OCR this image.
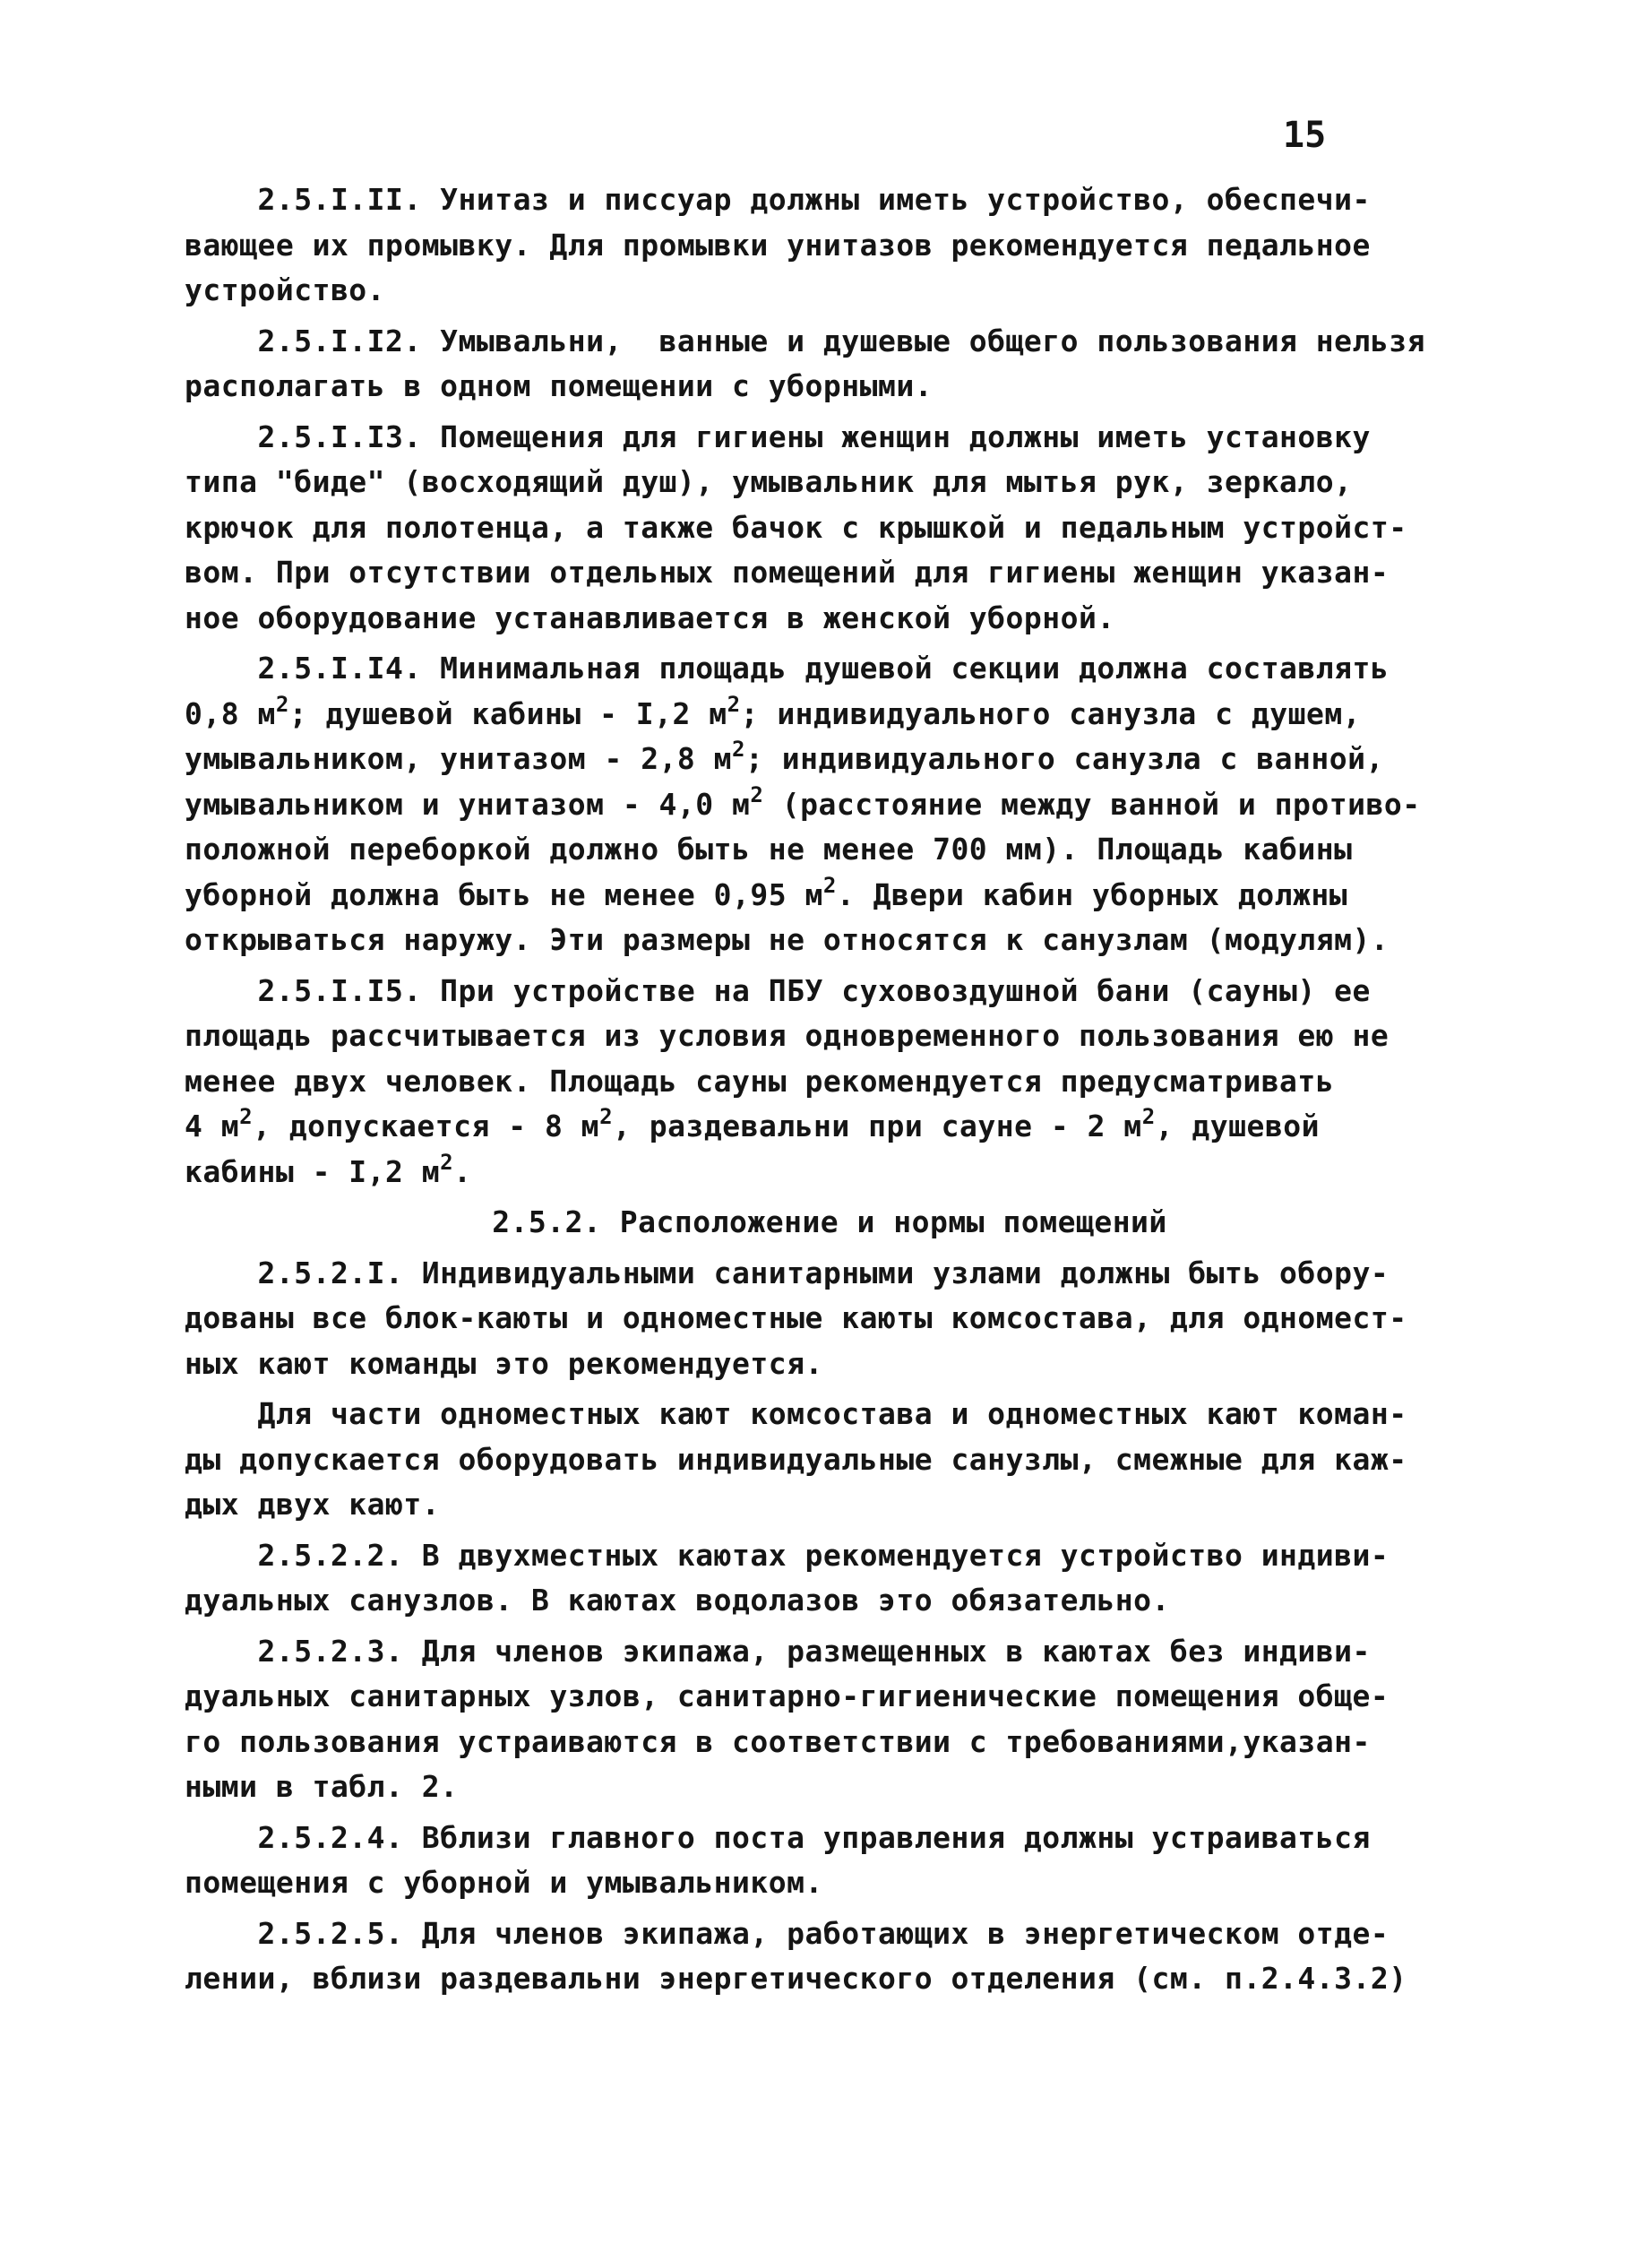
15
2.5.I.II. Унитаз и писсуар должны иметь устройство, обеспечи-
вающее их промывку. Для промывки унитазов рекомендуется педальное
устройство.
2.5.I.I2. Умывальни,  ванные и душевые общего пользования нельзя
располагать в одном помещении с уборными.
2.5.I.I3. Помещения для гигиены женщин должны иметь установку
типа "биде" (восходящий душ), умывальник для мытья рук, зеркало,
крючок для полотенца, а также бачок с крышкой и педальным устройст-
вом. При отсутствии отдельных помещений для гигиены женщин указан-
ное оборудование устанавливается в женской уборной.
2.5.I.I4. Минимальная площадь душевой секции должна составлять
0,8 $м^2$; душевой кабины - I,2 $м^2$; индивидуального санузла с душем,
умывальником, унитазом - 2,8 $м^2$; индивидуального санузла с ванной,
умывальником и унитазом - 4,0 $м^2$ (расстояние между ванной и противо-
положной переборкой должно быть не менее 700 мм). Площадь кабины
уборной должна быть не менее 0,95 $м^2$. Двери кабин уборных должны
открываться наружу. Эти размеры не относятся к санузлам (модулям).
2.5.I.I5. При устройстве на ПБУ суховоздушной бани (сауны) ее
площадь рассчитывается из условия одновременного пользования ею не
менее двух человек. Площадь сауны рекомендуется предусматривать
4 $м^2$, допускается - 8 $м^2$, раздевальни при сауне - 2 $м^2$, душевой
кабины - I,2 $м^2$.
2.5.2. Расположение и нормы помещений
2.5.2.I. Индивидуальными санитарными узлами должны быть обору-
дованы все блок-каюты и одноместные каюты комсостава, для одномест-
ных кают команды это рекомендуется.
Для части одноместных кают комсостава и одноместных кают коман-
ды допускается оборудовать индивидуальные санузлы, смежные для каж-
дых двух кают.
2.5.2.2. В двухместных каютах рекомендуется устройство индиви-
дуальных санузлов. В каютах водолазов это обязательно.
2.5.2.3. Для членов экипажа, размещенных в каютах без индиви-
дуальных санитарных узлов, санитарно-гигиенические помещения обще-
го пользования устраиваются в соответствии с требованиями,указан-
ными в табл. 2.
2.5.2.4. Вблизи главного поста управления должны устраиваться
помещения с уборной и умывальником.
2.5.2.5. Для членов экипажа, работающих в энергетическом отде-
лении, вблизи раздевальни энергетического отделения (см. п.2.4.3.2)
